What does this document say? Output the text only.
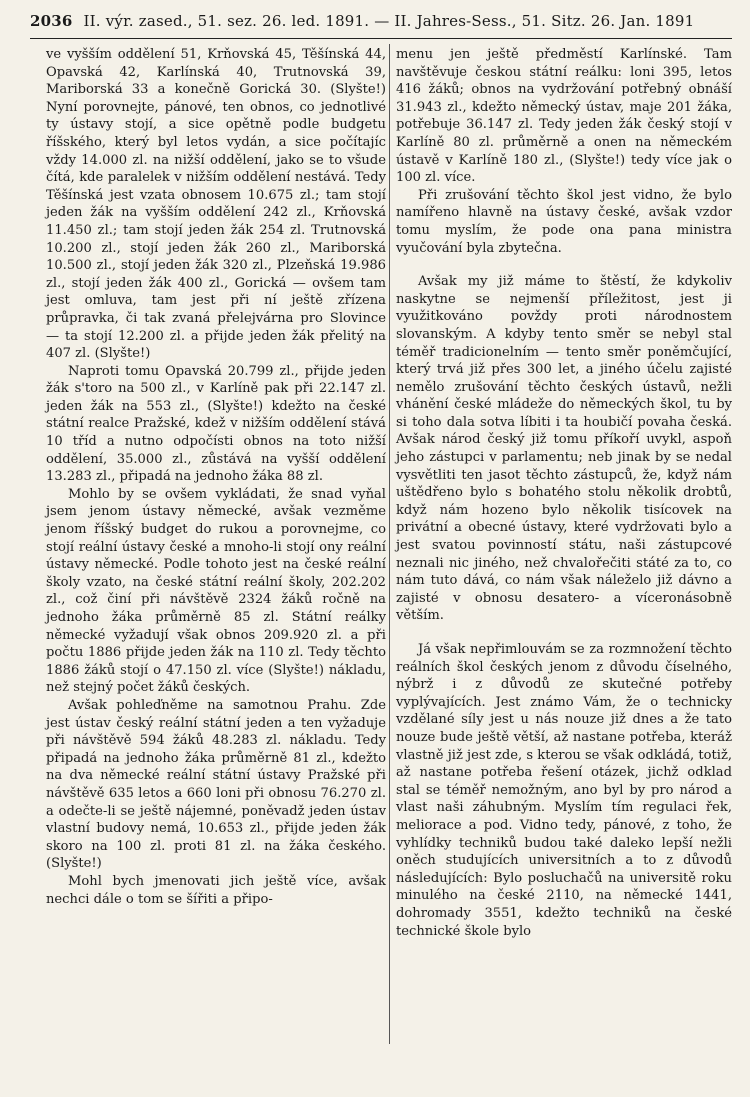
2036 II. výr. zased., 51. sez. 26. led. 1891. — II. Jahres-Sess., 51. Sitz. 26. Jan. 1891

ve vyšším oddělení 51, Krňovská 45, Těšínská 44, Opavská 42, Karlínská 40, Trutnovská 39, Mariborská 33 a konečně Gorická 30. (Slyšte!) Nyní porovnejte, pánové, ten obnos, co jednotlivé ty ústavy stojí, a sice opětně podle budgetu říšského, který byl letos vydán, a sice počítajíc vždy 14.000 zl. na nižší oddělení, jako se to všude čítá, kde paralelek v nižším oddělení nestává. Tedy Těšínská jest vzata obnosem 10.675 zl.; tam stojí jeden žák na vyšším oddělení 242 zl., Krňovská 11.450 zl.; tam stojí jeden žák 254 zl. Trutnovská 10.200 zl., stojí jeden žák 260 zl., Mariborská 10.500 zl., stojí jeden žák 320 zl., Plzeňská 19.986 zl., stojí jeden žák 400 zl., Gorická — ovšem tam jest omluva, tam jest při ní ještě zřízena průpravka, či tak zvaná přelejvárna pro Slovince — ta stojí 12.200 zl. a přijde jeden žák přelitý na 407 zl. (Slyšte!)

Naproti tomu Opavská 20.799 zl., přijde jeden žák s'toro na 500 zl., v Karlíně pak při 22.147 zl. jeden žák na 553 zl., (Slyšte!) kdežto na české státní realce Pražské, kdež v nižším oddělení stává 10 tříd a nutno odpočísti obnos na toto nižší oddělení, 35.000 zl., zůstává na vyšší oddělení 13.283 zl., připadá na jednoho žáka 88 zl.

Mohlo by se ovšem vykládati, že snad vyňal jsem jenom ústavy německé, avšak vezměme jenom říšský budget do rukou a porovnejme, co stojí reální ústavy české a mnoho-li stojí ony reální ústavy německé. Podle tohoto jest na české reální školy vzato, na české státní reální školy, 202.202 zl., což činí při návštěvě 2324 žáků ročně na jednoho žáka průměrně 85 zl. Státní reálky německé vyžadují však obnos 209.920 zl. a při počtu 1886 přijde jeden žák na 110 zl. Tedy těchto 1886 žáků stojí o 47.150 zl. více (Slyšte!) nákladu, než stejný počet žáků českých.

Avšak pohleďněme na samotnou Prahu. Zde jest ústav český reální státní jeden a ten vyžaduje při návštěvě 594 žáků 48.283 zl. nákladu. Tedy připadá na jednoho žáka průměrně 81 zl., kdežto na dva německé reální státní ústavy Pražské při návštěvě 635 letos a 660 loni při obnosu 76.270 zl. a odečte-li se ještě nájemné, poněvadž jeden ústav vlastní budovy nemá, 10.653 zl., přijde jeden žák skoro na 100 zl. proti 81 zl. na žáka českého. (Slyšte!)

Mohl bych jmenovati jich ještě více, avšak nechci dále o tom se šířiti a připo-

menu jen ještě předměstí Karlínské. Tam navštěvuje českou státní reálku: loni 395, letos 416 žáků; obnos na vydržování potřebný obnáší 31.943 zl., kdežto německý ústav, maje 201 žáka, potřebuje 36.147 zl. Tedy jeden žák český stojí v Karlíně 80 zl. průměrně a onen na německém ústavě v Karlíně 180 zl., (Slyšte!) tedy více jak o 100 zl. více.

Při zrušování těchto škol jest vidno, že bylo namířeno hlavně na ústavy české, avšak vzdor tomu myslím, že pode ona pana ministra vyučování byla zbytečna.

Avšak my již máme to štěstí, že kdykoliv naskytne se nejmenší příležitost, jest ji využitkováno povždy proti národnostem slovanským. A kdyby tento směr se nebyl stal téměř tradicionelním — tento směr poněmčující, který trvá již přes 300 let, a jiného účelu zajisté nemělo zrušování těchto českých ústavů, nežli vhánění české mládeže do německých škol, tu by si toho dala sotva líbiti i ta houbičí povaha česká. Avšak národ český již tomu příkoří uvykl, aspoň jeho zástupci v parlamentu; neb jinak by se nedal vysvětliti ten jasot těchto zástupců, že, když nám uštědřeno bylo s bohatého stolu několik drobtů, když nám hozeno bylo několik tisícovek na privátní a obecné ústavy, které vydržovati bylo a jest svatou povinností státu, naši zástupcové neznali nic jiného, než chvalořečiti státé za to, co nám tuto dává, co nám však náleželo již dávno a zajisté v obnosu desatero- a víceronásobně větším.

Já však nepřimlouvám se za rozmnožení těchto reálních škol českých jenom z důvodu číselného, nýbrž i z důvodů ze skutečné potřeby vyplývajících. Jest známo Vám, že o technicky vzdělané síly jest u nás nouze již dnes a že tato nouze bude ještě větší, až nastane potřeba, kteráž vlastně již jest zde, s kterou se však odkládá, totiž, až nastane potřeba řešení otázek, jichž odklad stal se téměř nemožným, ano byl by pro národ a vlast naši záhubným. Myslím tím regulaci řek, meliorace a pod. Vidno tedy, pánové, z toho, že vyhlídky techniků budou také daleko lepší nežli oněch studujících universitních a to z důvodů následujících: Bylo posluchačů na universitě roku minulého na české 2110, na německé 1441, dohromady 3551, kdežto techniků na české technické škole bylo
